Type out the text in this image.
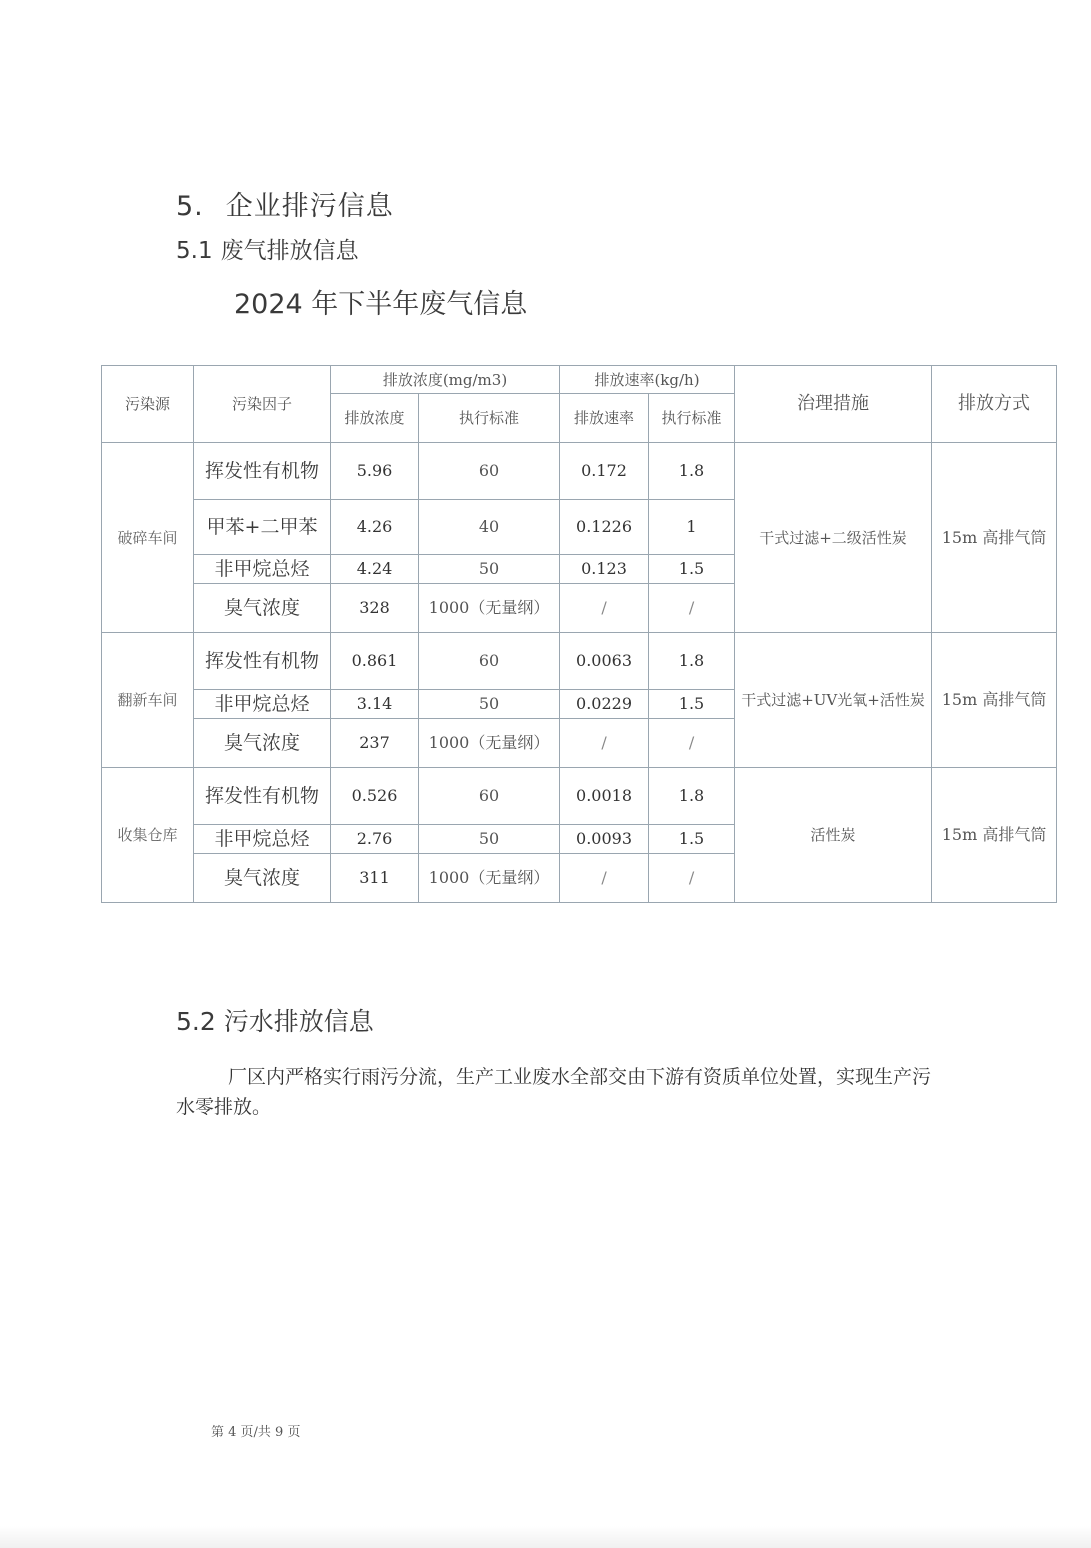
5. 企业排污信息
5.1 废气排放信息
2024 年下半年废气信息
污染源	污染因子	排放浓度(mg/m3)		排放速率(kg/h)		治理措施	排放方式
		排放浓度	执行标准	排放速率	执行标准		
破碎车间	挥发性有机物	5.96	60	0.172	1.8	干式过滤+二级活性炭	15m 高排气筒
	甲苯+二甲苯	4.26	40	0.1226	1		
	非甲烷总烃	4.24	50	0.123	1.5		
	臭气浓度	328	1000（无量纲）	/	/		
翻新车间	挥发性有机物	0.861	60	0.0063	1.8	干式过滤+UV光氧+活性炭	15m 高排气筒
	非甲烷总烃	3.14	50	0.0229	1.5		
	臭气浓度	237	1000（无量纲）	/	/		
收集仓库	挥发性有机物	0.526	60	0.0018	1.8	活性炭	15m 高排气筒
	非甲烷总烃	2.76	50	0.0093	1.5		
	臭气浓度	311	1000（无量纲）	/	/		
5.2 污水排放信息
厂区内严格实行雨污分流，生产工业废水全部交由下游有资质单位处置，实现生产污水零排放。
第 4 页/共 9 页
